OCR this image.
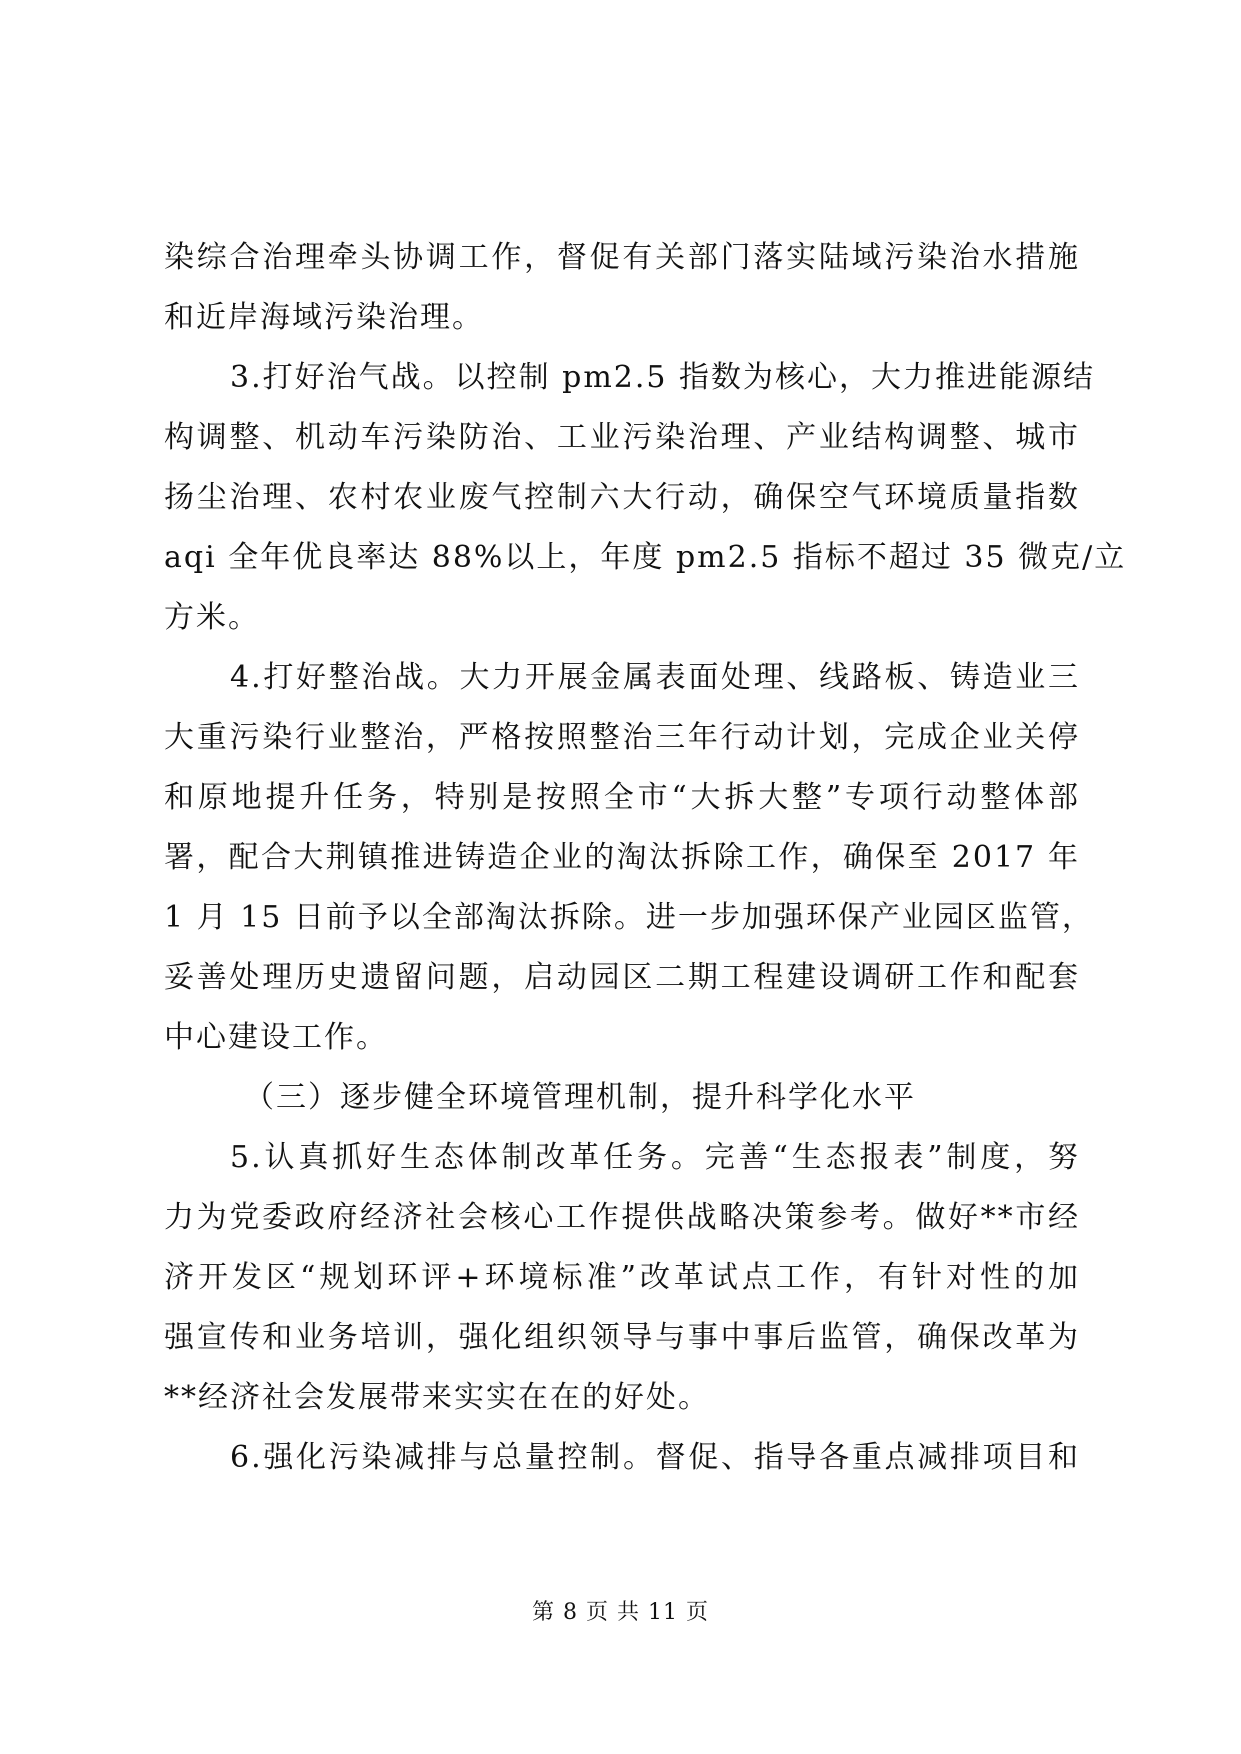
染综合治理牵头协调工作，督促有关部门落实陆域污染治水措施
和近岸海域污染治理。
3.打好治气战。以控制 pm2.5 指数为核心，大力推进能源结
构调整、机动车污染防治、工业污染治理、产业结构调整、城市
扬尘治理、农村农业废气控制六大行动，确保空气环境质量指数
aqi 全年优良率达 88%以上，年度 pm2.5 指标不超过 35 微克/立
方米。
4.打好整治战。大力开展金属表面处理、线路板、铸造业三
大重污染行业整治，严格按照整治三年行动计划，完成企业关停
和原地提升任务，特别是按照全市“大拆大整”专项行动整体部
署，配合大荆镇推进铸造企业的淘汰拆除工作，确保至 2017 年
1 月 15 日前予以全部淘汰拆除。进一步加强环保产业园区监管，
妥善处理历史遗留问题，启动园区二期工程建设调研工作和配套
中心建设工作。
（三）逐步健全环境管理机制，提升科学化水平
5.认真抓好生态体制改革任务。完善“生态报表”制度，努
力为党委政府经济社会核心工作提供战略决策参考。做好**市经
济开发区“规划环评+环境标准”改革试点工作，有针对性的加
强宣传和业务培训，强化组织领导与事中事后监管，确保改革为
**经济社会发展带来实实在在的好处。
6.强化污染减排与总量控制。督促、指导各重点减排项目和
第 8 页 共 11 页
